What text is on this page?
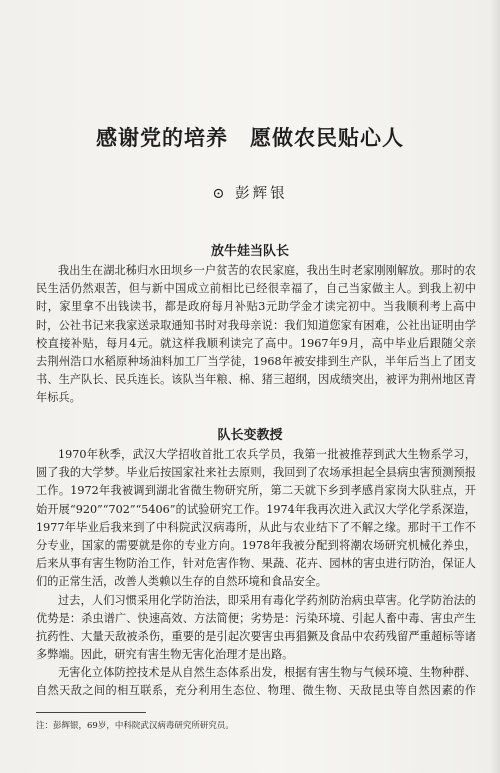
感谢党的培养　愿做农民贴心人

⊙ 彭辉银

放牛娃当队长
我出生在湖北秭归水田坝乡一户贫苦的农民家庭，我出生时老家刚刚解放。那时的农
民生活仍然艰苦，但与新中国成立前相比已经很幸福了，自己当家做主人。到我上初中
时，家里拿不出钱读书，都是政府每月补贴3元助学金才读完初中。当我顺利考上高中
时，公社书记来我家送录取通知书时对我母亲说：我们知道您家有困难，公社出证明由学
校直接补贴，每月4元。就这样我顺利读完了高中。1967年9月，高中毕业后跟随父亲
去荆州浩口水稻原种场油料加工厂当学徒，1968年被安排到生产队，半年后当上了团支
书、生产队长、民兵连长。该队当年粮、棉、猪三超纲，因成绩突出，被评为荆州地区青
年标兵。
队长变教授
1970年秋季，武汉大学招收首批工农兵学员，我第一批被推荐到武大生物系学习，
圆了我的大学梦。毕业后按国家社来社去原则，我回到了农场承担起全县病虫害预测预报
工作。1972年我被调到湖北省微生物研究所，第二天就下乡到孝感肖家岗大队驻点，开
始开展“920”“702”“5406”的试验研究工作。1974年我再次进入武汉大学化学系深造，
1977年毕业后我来到了中科院武汉病毒所，从此与农业结下了不解之缘。那时干工作不
分专业，国家的需要就是你的专业方向。1978年我被分配到将潮农场研究机械化养虫，
后来从事有害生物防治工作，针对危害作物、果蔬、花卉、园林的害虫进行防治，保证人
们的正常生活，改善人类赖以生存的自然环境和食品安全。
过去，人们习惯采用化学防治法，即采用有毒化学药剂防治病虫草害。化学防治法的
优势是：杀虫谱广、快速高效、方法简便；劣势是：污染环境、引起人畜中毒、害虫产生
抗药性、大量天敌被杀伤，重要的是引起次要害虫再猖獗及食品中农药残留严重超标等诸
多弊端。因此，研究有害生物无害化治理才是出路。
无害化立体防控技术是从自然生态体系出发，根据有害生物与气候环境、生物种群、
自然天敌之间的相互联系，充分利用生态位、物理、微生物、天敌昆虫等自然因素的作

注：彭辉银，69岁，中科院武汉病毒研究所研究员。
